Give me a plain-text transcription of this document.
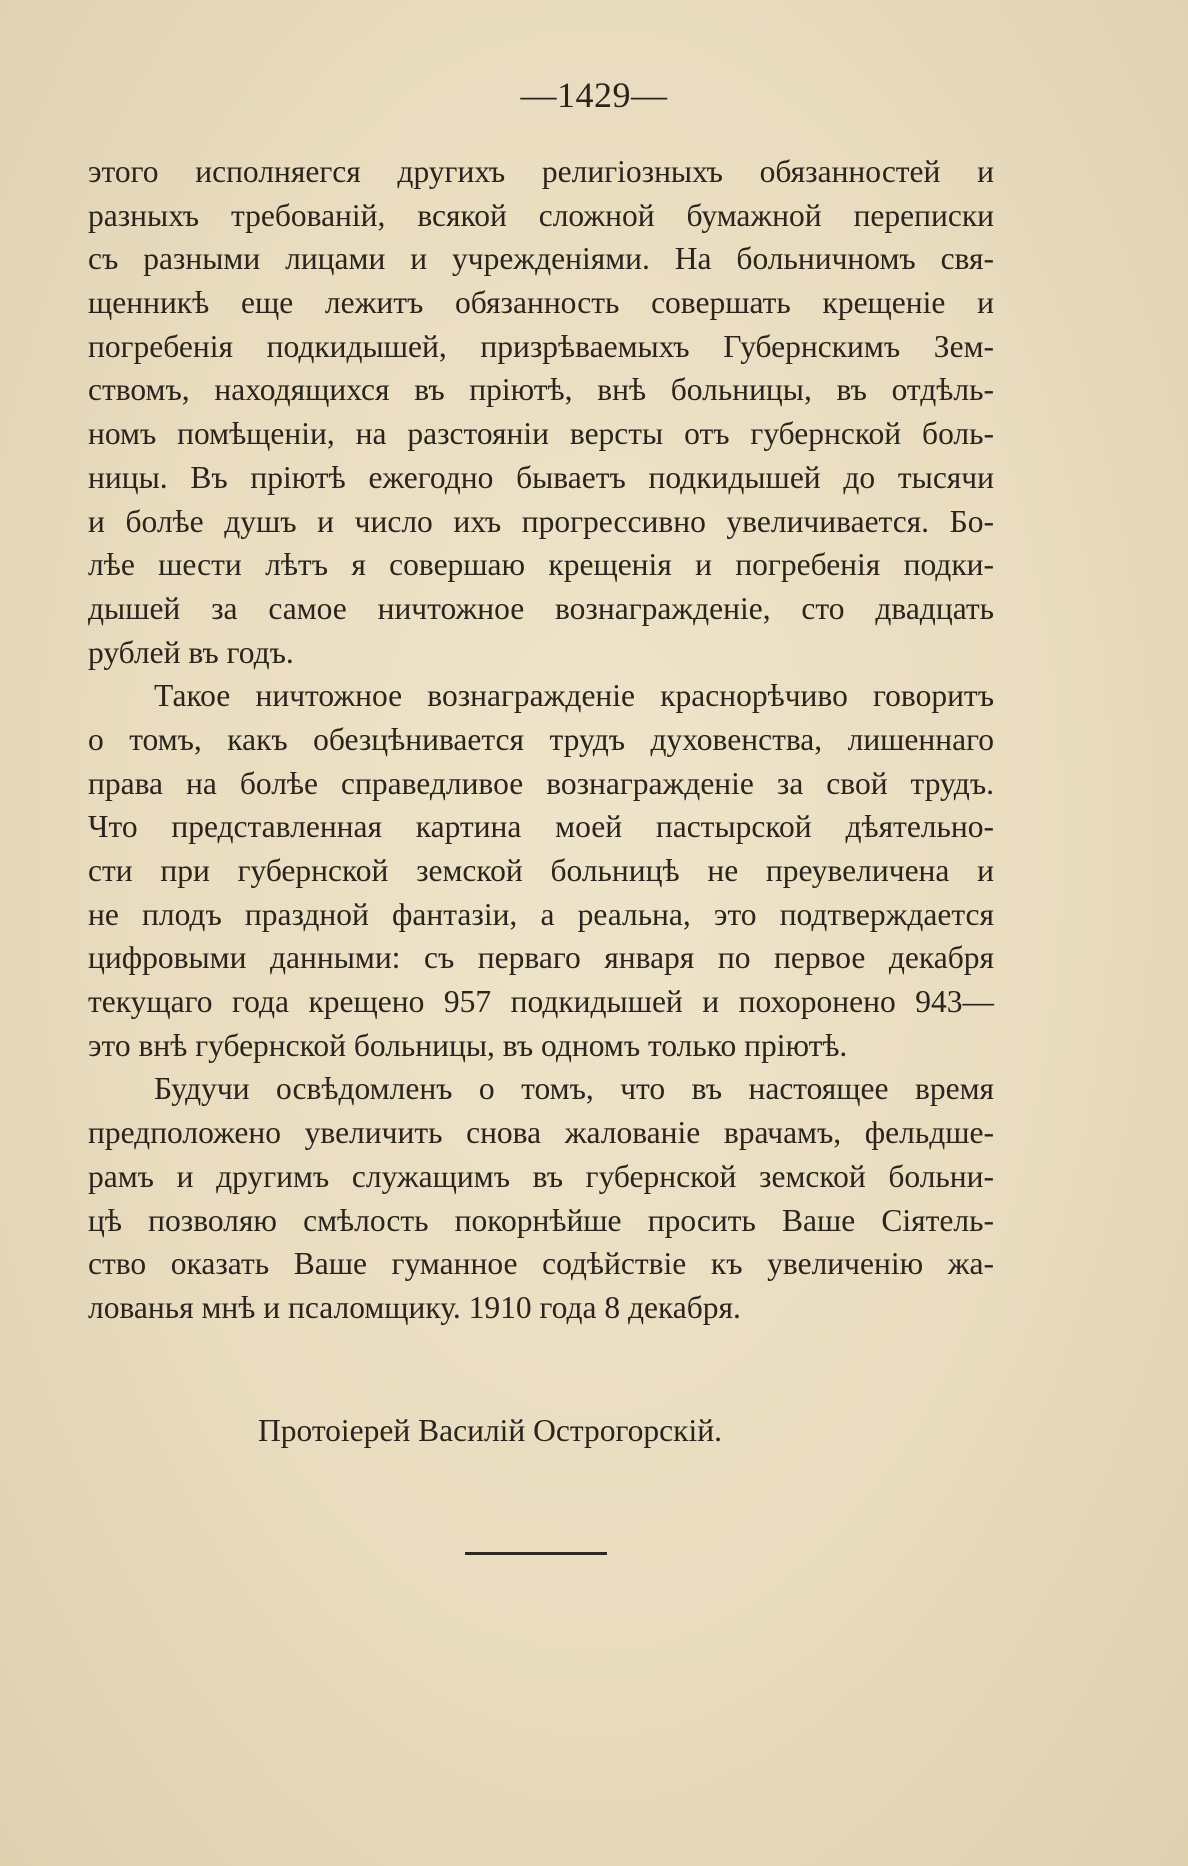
—1429—
этого исполняегся другихъ религіозныхъ обязанностей и
разныхъ требованій, всякой сложной бумажной переписки
съ разными лицами и учрежденіями. На больничномъ свя-
щенникѣ еще лежитъ обязанность совершать крещеніе и
погребенія подкидышей, призрѣваемыхъ Губернскимъ Зем-
ствомъ, находящихся въ пріютѣ, внѣ больницы, въ отдѣль-
номъ помѣщеніи, на разстояніи версты отъ губернской боль-
ницы. Въ пріютѣ ежегодно бываетъ подкидышей до тысячи
и болѣе душъ и число ихъ прогрессивно увеличивается. Бо-
лѣе шести лѣтъ я совершаю крещенія и погребенія подки-
дышей за самое ничтожное вознагражденіе, сто двадцать
рублей въ годъ.
Такое ничтожное вознагражденіе краснорѣчиво говоритъ
о томъ, какъ обезцѣнивается трудъ духовенства, лишеннаго
права на болѣе справедливое вознагражденіе за свой трудъ.
Что представленная картина моей пастырской дѣятельно-
сти при губернской земской больницѣ не преувеличена и
не плодъ праздной фантазіи, а реальна, это подтверждается
цифровыми данными: съ перваго января по первое декабря
текущаго года крещено 957 подкидышей и похоронено 943—
это внѣ губернской больницы, въ одномъ только пріютѣ.
Будучи освѣдомленъ о томъ, что въ настоящее время
предположено увеличить снова жалованіе врачамъ, фельдше-
рамъ и другимъ служащимъ въ губернской земской больни-
цѣ позволяю смѣлость покорнѣйше просить Ваше Сіятель-
ство оказать Ваше гуманное содѣйствіе къ увеличенію жа-
лованья мнѣ и псаломщику. 1910 года 8 декабря.
Протоіерей Василій Острогорскій.
